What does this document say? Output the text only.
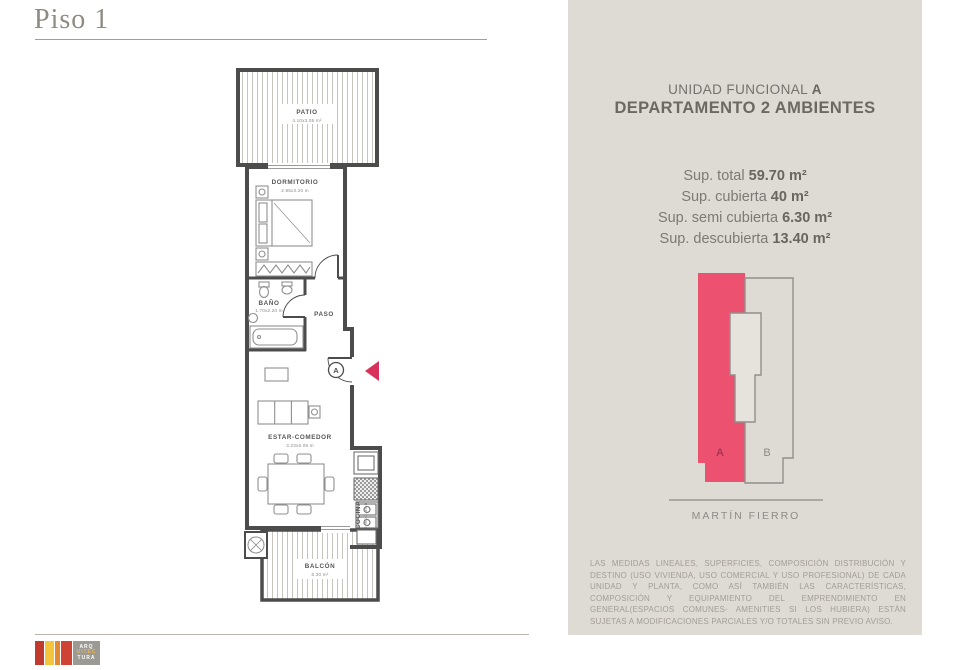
Piso 1
A
PATIO
4.10x3.05 m²
DORMITORIO
2.95x3.20 m
BAÑO
1.70x2.20 m
PASO
ESTAR-COMEDOR
3.23x6.05 m
COCINA 1.90x3.36 m
BALCÓN
6.30 m²
UNIDAD FUNCIONAL A
DEPARTAMENTO 2 AMBIENTES
Sup. total 59.70 m²
Sup. cubierta 40 m²
Sup. semi cubierta 6.30 m²
Sup. descubierta 13.40 m²
A	B
MARTÍN FIERRO
LAS MEDIDAS LINEALES, SUPERFICIES, COMPOSICIÓN DISTRIBUCIÓN Y DESTINO (USO VIVIENDA, USO COMERCIAL Y USO PROFESIONAL) DE CADA UNIDAD Y PLANTA, COMO ASÍ TAMBIÉN LAS CARACTERÍSTICAS, COMPOSICIÓN Y EQUIPAMIENTO DEL EMPRENDIMIENTO EN GENERAL(ESPACIOS COMUNES- AMENITIES SI LOS HUBIERA) ESTÁN SUJETAS A MODIFICACIONES PARCIALES Y/O TOTALES SIN PREVIO AVISO.
ARQ
UITEC
TURA
